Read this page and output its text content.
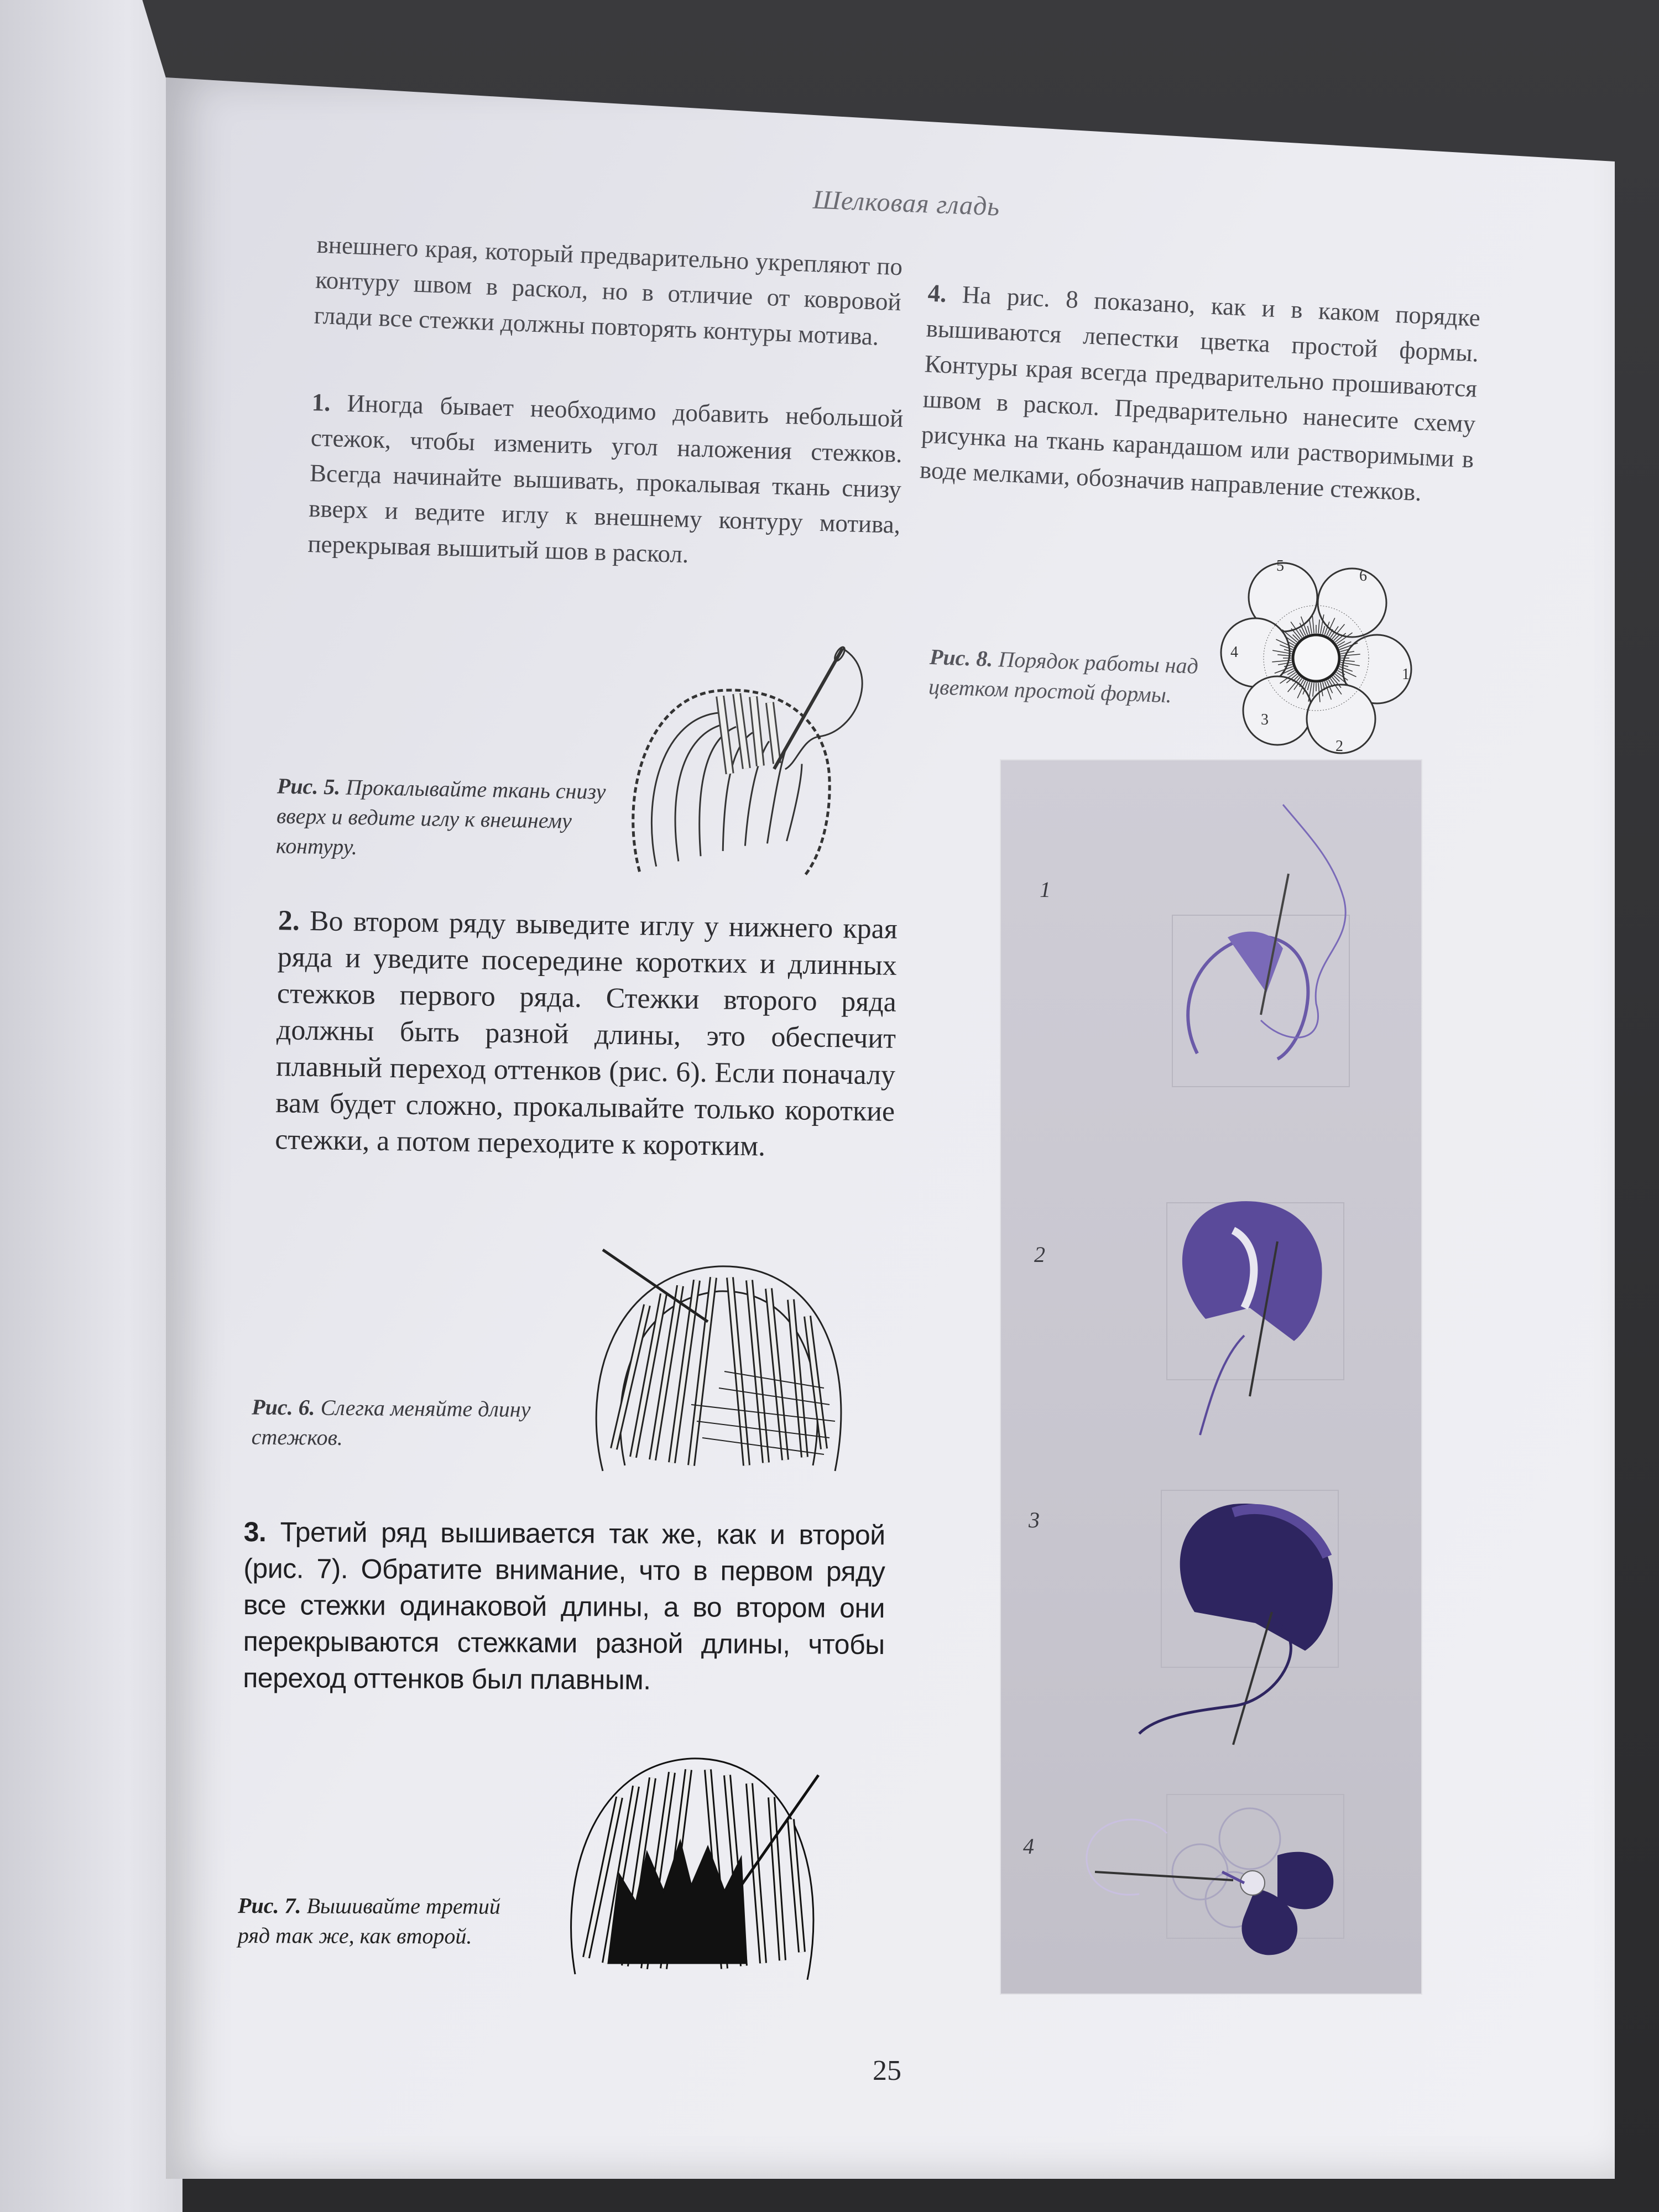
Шелковая гладь
внешнего края, который предварительно укрепляют по контуру швом в раскол, но в отличие от ковровой глади все стежки должны повторять контуры мотива.
1. Иногда бывает необходимо добавить небольшой стежок, чтобы изменить угол наложения стежков. Всегда начинайте вышивать, прокалывая ткань снизу вверх и ведите иглу к внешнему контуру мотива, перекрывая вышитый шов в раскол.
Рис. 5. Прокалывайте ткань снизу вверх и ведите иглу к внешнему контуру.
2. Во втором ряду выведите иглу у нижнего края ряда и уведите посередине коротких и длинных стежков первого ряда. Стежки второго ряда должны быть разной длины, это обеспечит плавный переход оттенков (рис. 6). Если поначалу вам будет сложно, прокалывайте только короткие стежки, а потом переходите к коротким.
Рис. 6. Слегка меняйте длину стежков.
3. Третий ряд вышивается так же, как и второй (рис. 7). Обратите внимание, что в первом ряду все стежки одинаковой длины, а во втором они перекрываются стежками разной длины, чтобы переход оттенков был плавным.
Рис. 7. Вышивайте третий ряд так же, как второй.
4. На рис. 8 показано, как и в каком порядке вышиваются лепестки цветка простой формы. Контуры края всегда предварительно прошиваются швом в раскол. Предварительно нанесите схему рисунка на ткань карандашом или растворимыми в воде мелками, обозначив направление стежков.
5
6
4
1
3
2
Рис. 8. Порядок работы над цветком простой формы.
1
2
3
4
25
